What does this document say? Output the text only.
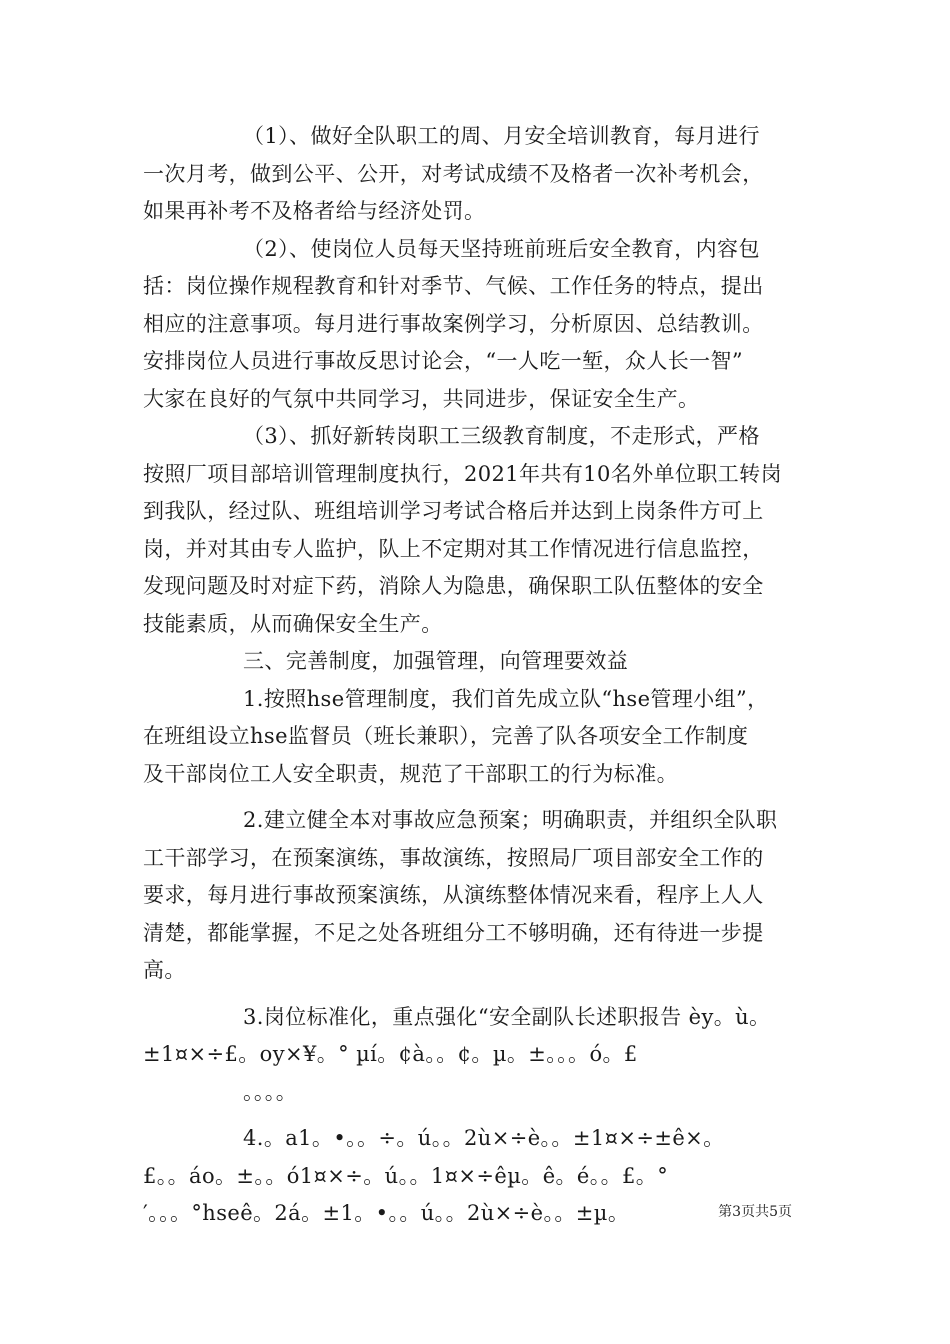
（1）、做好全队职工的周、月安全培训教育，每月进行
一次月考，做到公平、公开，对考试成绩不及格者一次补考机会，
如果再补考不及格者给与经济处罚。
（2）、使岗位人员每天坚持班前班后安全教育，内容包
括：岗位操作规程教育和针对季节、气候、工作任务的特点，提出
相应的注意事项。每月进行事故案例学习，分析原因、总结教训。
安排岗位人员进行事故反思讨论会，“一人吃一堑，众人长一智”
大家在良好的气氛中共同学习，共同进步，保证安全生产。
（3）、抓好新转岗职工三级教育制度，不走形式，严格
按照厂项目部培训管理制度执行，2021年共有10名外单位职工转岗
到我队，经过队、班组培训学习考试合格后并达到上岗条件方可上
岗，并对其由专人监护，队上不定期对其工作情况进行信息监控，
发现问题及时对症下药，消除人为隐患，确保职工队伍整体的安全
技能素质，从而确保安全生产。
三、完善制度，加强管理，向管理要效益
1.按照hse管理制度，我们首先成立队“hse管理小组”，
在班组设立hse监督员（班长兼职），完善了队各项安全工作制度
及干部岗位工人安全职责，规范了干部职工的行为标准。
2.建立健全本对事故应急预案；明确职责，并组织全队职
工干部学习，在预案演练，事故演练，按照局厂项目部安全工作的
要求，每月进行事故预案演练，从演练整体情况来看，程序上人人
清楚，都能掌握，不足之处各班组分工不够明确，还有待进一步提
高。
3.岗位标准化，重点强化“安全副队长述职报告 èy。ù。
±1¤×÷£。oy×¥。° µí。¢à。。¢。µ。±。。。ó。£
。。。。
4.。a1。•。。÷。ú。。2ù×÷è。。±1¤×÷±ê×。
£。。áo。±。。ó1¤×÷。ú。。1¤×÷êµ。ê。é。。£。°
′。。。°hseê。2á。±1。•。。ú。。2ù×÷è。。±µ。	第3页共5页
